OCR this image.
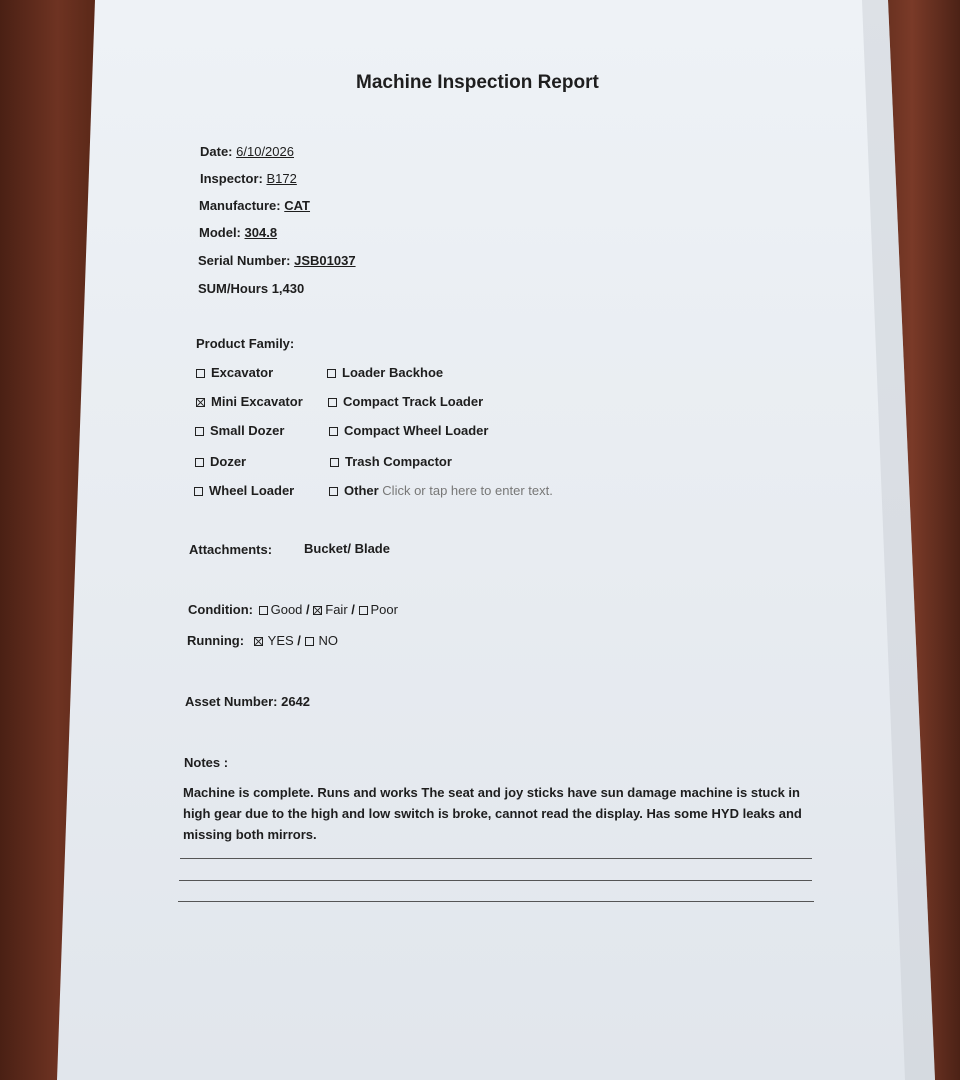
Machine Inspection Report
Date: 6/10/2026
Inspector: B172
Manufacture: CAT
Model: 304.8
Serial Number: JSB01037
SUM/Hours 1,430
Product Family:
Excavator	Loader Backhoe
Mini Excavator	Compact Track Loader
Small Dozer	Compact Wheel Loader
Dozer	Trash Compactor
Wheel Loader	Other Click or tap here to enter text.
Attachments: Bucket/ Blade
Condition: Good / Fair / Poor
Running: YES / NO
Asset Number: 2642
Notes :
Machine is complete. Runs and works The seat and joy sticks have sun damage machine is stuck in high gear due to the high and low switch is broke, cannot read the display. Has some HYD leaks and missing both mirrors.
